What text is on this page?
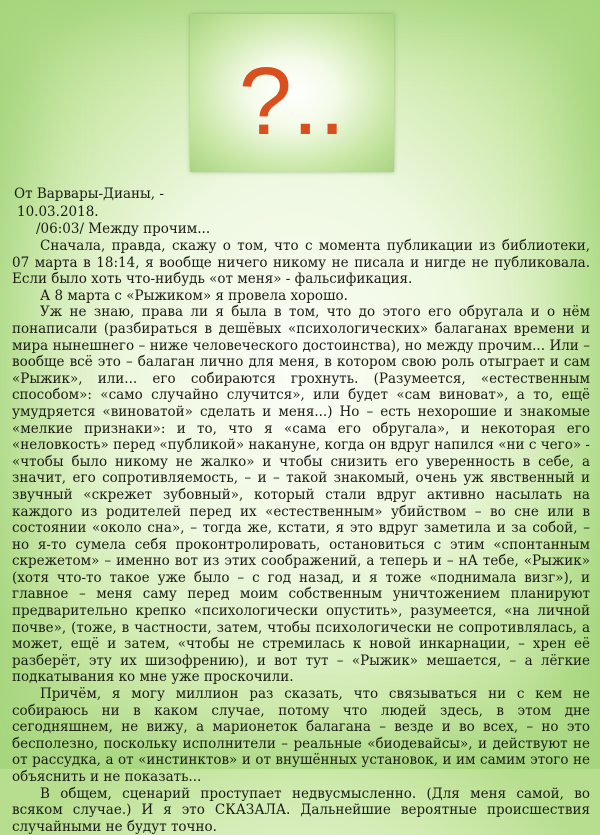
?..
От Варвары-Дианы, -
10.03.2018.
/06:03/ Между прочим...

Сначала, правда, скажу о том, что с момента публикации из библиотеки, 07 марта в 18:14, я вообще ничего никому не писала и нигде не публиковала. Если было хоть что-нибудь «от меня» - фальсификация.

А 8 марта с «Рыжиком» я провела хорошо.

Уж не знаю, права ли я была в том, что до этого его обругала и о нём понаписали (разбираться в дешёвых «психологических» балаганах времени и мира нынешнего – ниже человеческого достоинства), но между прочим... Или – вообще всё это – балаган лично для меня, в котором свою роль отыграет и сам «Рыжик», или... его собираются грохнуть. (Разумеется, «естественным способом»: «само случайно случится», или будет «сам виноват», а то, ещё умудряется «виноватой» сделать и меня...) Но – есть нехорошие и знакомые «мелкие признаки»: и то, что я «сама его обругала», и некоторая его «неловкость» перед «публикой» накануне, когда он вдруг напился «ни с чего» - «чтобы было никому не жалко» и чтобы снизить его уверенность в себе, а значит, его сопротивляемость, – и – такой знакомый, очень уж явственный и звучный «скрежет зубовный», который стали вдруг активно насылать на каждого из родителей перед их «естественным» убийством – во сне или в состоянии «около сна», – тогда же, кстати, я это вдруг заметила и за собой, – но я-то сумела себя проконтролировать, остановиться с этим «спонтанным скрежетом» – именно вот из этих соображений, а теперь и – нА тебе, «Рыжик» (хотя что-то такое уже было – с год назад, и я тоже «поднимала визг»), и главное – меня саму перед моим собственным уничтожением планируют предварительно крепко «психологически опустить», разумеется, «на личной почве», (тоже, в частности, затем, чтобы психологически не сопротивлялась, а может, ещё и затем, «чтобы не стремилась к новой инкарнации, – хрен её разберёт, эту их шизофрению), и вот тут – «Рыжик» мешается, – а лёгкие подкатывания ко мне уже проскочили.

Причём, я могу миллион раз сказать, что связываться ни с кем не собираюсь ни в каком случае, потому что людей здесь, в этом дне сегодняшнем, не вижу, а марионеток балагана – везде и во всех, – но это бесполезно, поскольку исполнители – реальные «биодевайсы», и действуют не от рассудка, а от «инстинктов» и от внушённых установок, и им самим этого не объяснить и не показать...

В общем, сценарий проступает недвусмысленно. (Для меня самой, во всяком случае.) И я это СКАЗАЛА. Дальнейшие вероятные происшествия случайными не будут точно.
